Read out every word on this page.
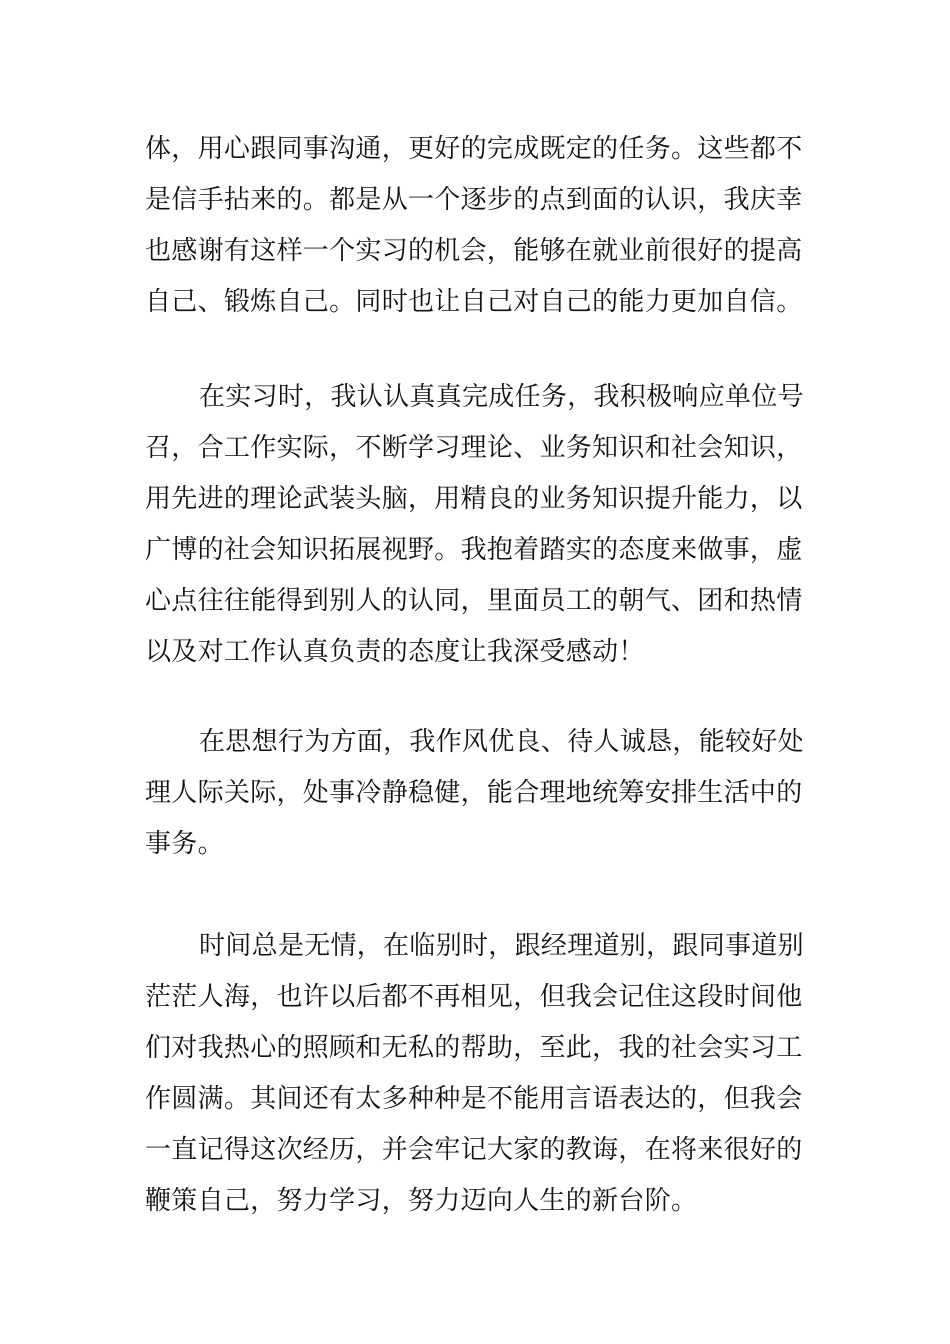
体，用心跟同事沟通，更好的完成既定的任务。这些都不
是信手拈来的。都是从一个逐步的点到面的认识，我庆幸
也感谢有这样一个实习的机会，能够在就业前很好的提高
自己、锻炼自己。同时也让自己对自己的能力更加自信。
在实习时，我认认真真完成任务，我积极响应单位号
召，合工作实际，不断学习理论、业务知识和社会知识，
用先进的理论武装头脑，用精良的业务知识提升能力，以
广博的社会知识拓展视野。我抱着踏实的态度来做事，虚
心点往往能得到别人的认同，里面员工的朝气、团和热情
以及对工作认真负责的态度让我深受感动！
在思想行为方面，我作风优良、待人诚恳，能较好处
理人际关际，处事冷静稳健，能合理地统筹安排生活中的
事务。
时间总是无情，在临别时，跟经理道别，跟同事道别
茫茫人海，也许以后都不再相见，但我会记住这段时间他
们对我热心的照顾和无私的帮助，至此，我的社会实习工
作圆满。其间还有太多种种是不能用言语表达的，但我会
一直记得这次经历，并会牢记大家的教诲，在将来很好的
鞭策自己，努力学习，努力迈向人生的新台阶。
